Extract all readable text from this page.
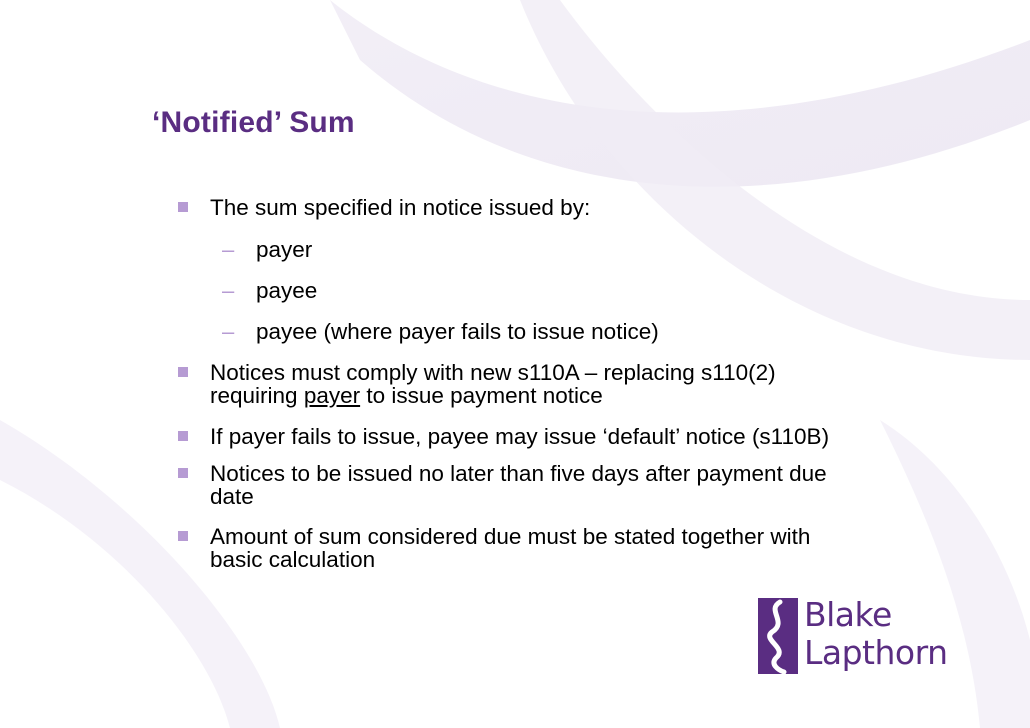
‘Notified’ Sum
The sum specified in notice issued by:
– payer
– payee
– payee (where payer fails to issue notice)
Notices must comply with new s110A – replacing s110(2)
requiring payer to issue payment notice
If payer fails to issue, payee may issue ‘default’ notice (s110B)
Notices to be issued no later than five days after payment due
date
Amount of sum considered due must be stated together with
basic calculation
Blake
Lapthorn
